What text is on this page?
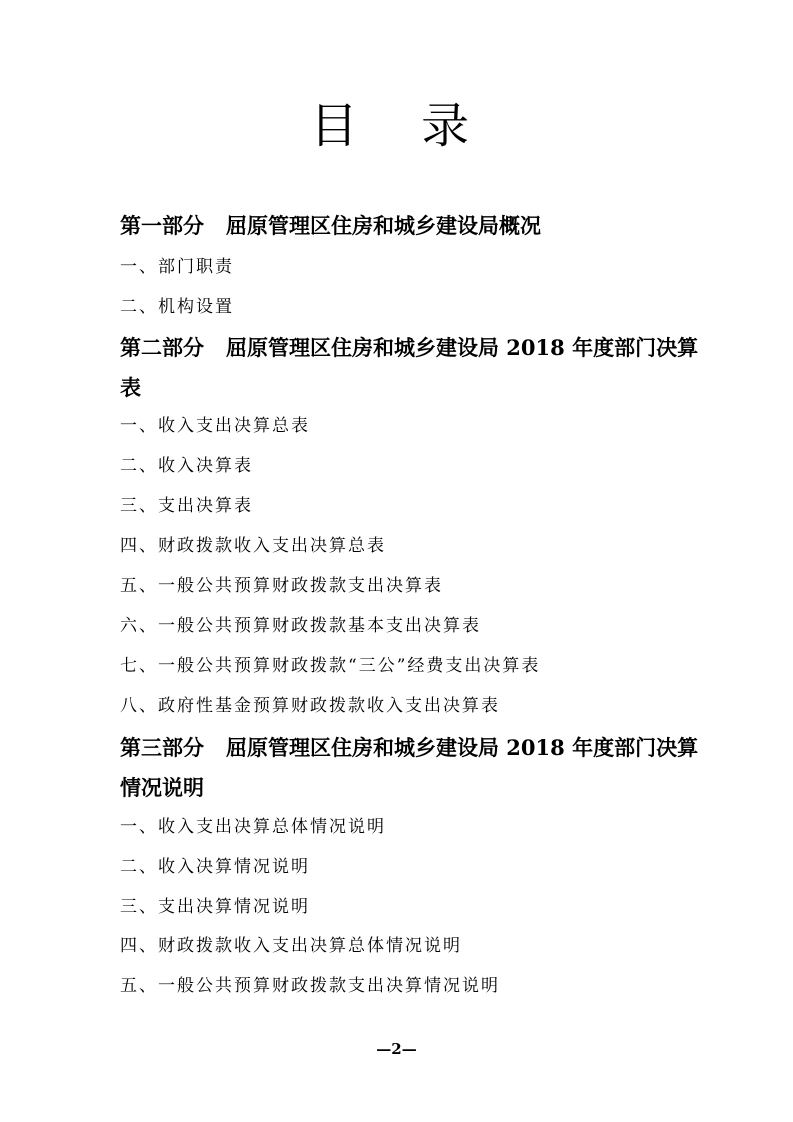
目 录
第一部分 屈原管理区住房和城乡建设局概况
一、部门职责
二、机构设置
第二部分 屈原管理区住房和城乡建设局 2018 年度部门决算表
一、收入支出决算总表
二、收入决算表
三、支出决算表
四、财政拨款收入支出决算总表
五、一般公共预算财政拨款支出决算表
六、一般公共预算财政拨款基本支出决算表
七、一般公共预算财政拨款“三公”经费支出决算表
八、政府性基金预算财政拨款收入支出决算表
第三部分 屈原管理区住房和城乡建设局 2018 年度部门决算情况说明
一、收入支出决算总体情况说明
二、收入决算情况说明
三、支出决算情况说明
四、财政拨款收入支出决算总体情况说明
五、一般公共预算财政拨款支出决算情况说明
—2—
